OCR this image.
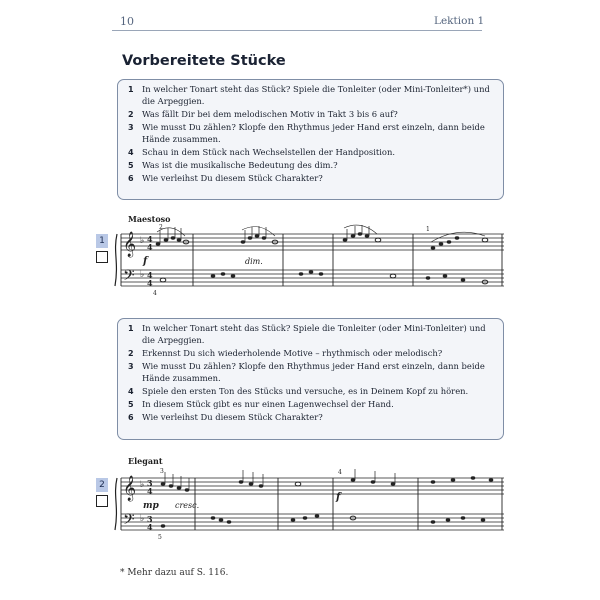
10	Lektion 1
Vorbereitete Stücke
1	In welcher Tonart steht das Stück? Spiele die Tonleiter (oder Mini-Tonleiter*) und die Arpeggien.
2	Was fällt Dir bei dem melodischen Motiv in Takt 3 bis 6 auf?
3	Wie musst Du zählen? Klopfe den Rhythmus jeder Hand erst einzeln, dann beide Hände zusammen.
4	Schau in dem Stück nach Wechselstellen der Handposition.
5	Was ist die musikalische Bedeutung des dim.?
6	Wie verleihst Du diesem Stück Charakter?
Maestoso
1 𝄞
𝄢
♭
♭
4
4
4
4
f	dim.
2	1
4
1	In welcher Tonart steht das Stück? Spiele die Tonleiter (oder Mini-Tonleiter) und die Arpeggien.
2	Erkennst Du sich wiederholende Motive – rhythmisch oder melodisch?
3	Wie musst Du zählen? Klopfe den Rhythmus jeder Hand erst einzeln, dann beide Hände zusammen.
4	Spiele den ersten Ton des Stücks und versuche, es in Deinem Kopf zu hören.
5	In diesem Stück gibt es nur einen Lagenwechsel der Hand.
6	Wie verleihst Du diesem Stück Charakter?
Elegant
2 𝄞
𝄢
♭
♭
3
4
3
4
mp cresc.
f
3	4
5
* Mehr dazu auf S. 116.
